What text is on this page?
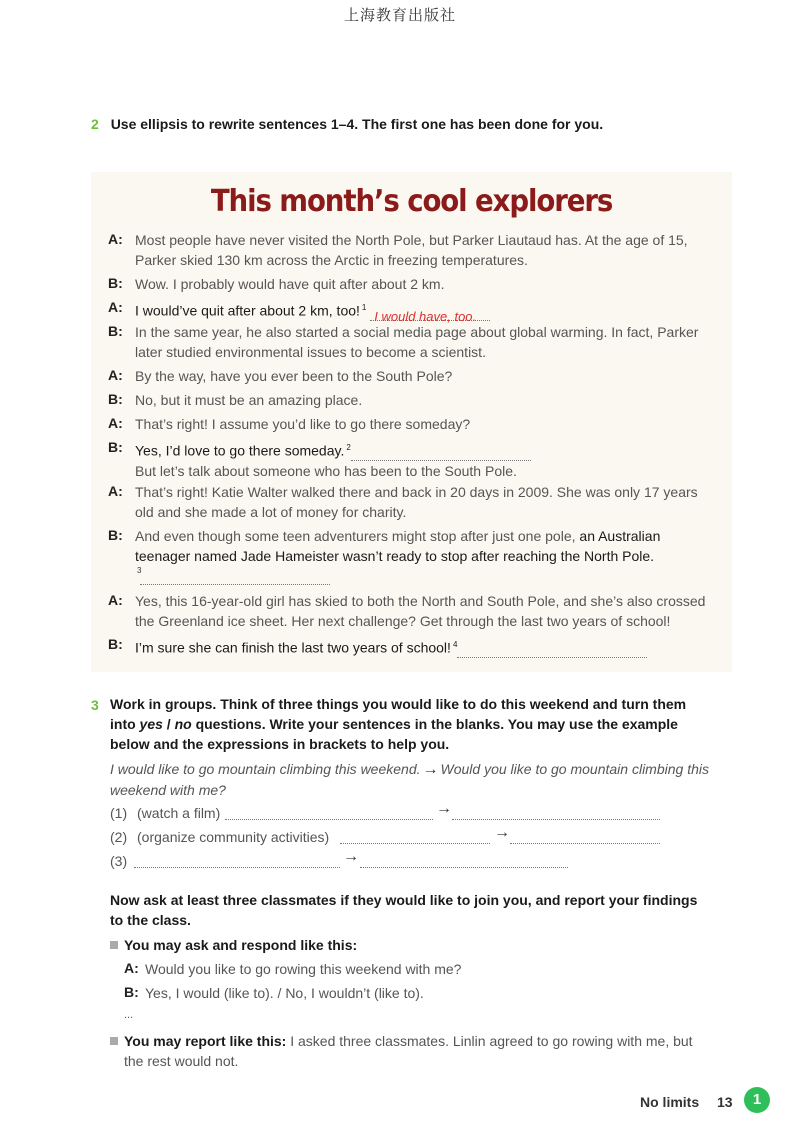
上海教育出版社
2 Use ellipsis to rewrite sentences 1–4. The first one has been done for you.
This month’s cool explorers
A: Most people have never visited the North Pole, but Parker Liautaud has. At the age of 15,
Parker skied 130 km across the Arctic in freezing temperatures.
B: Wow. I probably would have quit after about 2 km.
A: I would’ve quit after about 2 km, too! $^1$ I would have, too.
B: In the same year, he also started a social media page about global warming. In fact, Parker
later studied environmental issues to become a scientist.
A: By the way, have you ever been to the South Pole?
B: No, but it must be an amazing place.
A: That’s right! I assume you’d like to go there someday?
B: Yes, I’d love to go there someday. $^2$
But let’s talk about someone who has been to the South Pole.
A: That’s right! Katie Walter walked there and back in 20 days in 2009. She was only 17 years
old and she made a lot of money for charity.
B: And even though some teen adventurers might stop after just one pole, an Australian
teenager named Jade Hameister wasn’t ready to stop after reaching the North Pole.
3
A: Yes, this 16-year-old girl has skied to both the North and South Pole, and she’s also crossed
the Greenland ice sheet. Her next challenge? Get through the last two years of school!
B: I’m sure she can finish the last two years of school! $^4$
3 Work in groups. Think of three things you would like to do this weekend and turn them
into yes / no questions. Write your sentences in the blanks. You may use the example
below and the expressions in brackets to help you.
I would like to go mountain climbing this weekend. → Would you like to go mountain climbing this
weekend with me?
(1) (watch a film)	→
(2) (organize community activities)	→
(3)	→
Now ask at least three classmates if they would like to join you, and report your findings
to the class.
You may ask and respond like this:
A: Would you like to go rowing this weekend with me?
B: Yes, I would (like to). / No, I wouldn’t (like to).
...
You may report like this: I asked three classmates. Linlin agreed to go rowing with me, but
the rest would not.
No limits 13	1
